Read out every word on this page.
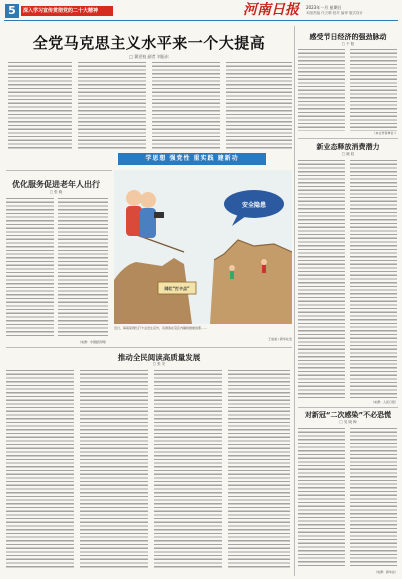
5	深入学习宣传贯彻党的二十大精神	河南日报 2023年一月 星期日
本版责编 代天晴 校对 编审 版式设计
全党马克思主义水平来一个大提高
□ 冀党校 副者 刘振东
学思想 强党性 重实践 建新功
感受节日经济的强劲脉动
□ 千 阳
（本文作者单位：）
新业态释放消费潜力
□ 晓 姣
（来源：人民日报）
对新冠“二次感染”不必恐慌
□ 吴 晓 梅
（来源：新华社）
优化服务促进老年人出行
□ 张 晓
（来源：中国经济网）
网红“打卡点”
安全隐患
近日，海南某网红打卡点发生意外，有游客在景区内攀爬悬崖拍照……
王成旭 / 新华社发
推动全民阅读高质量发展
□ 张 安
